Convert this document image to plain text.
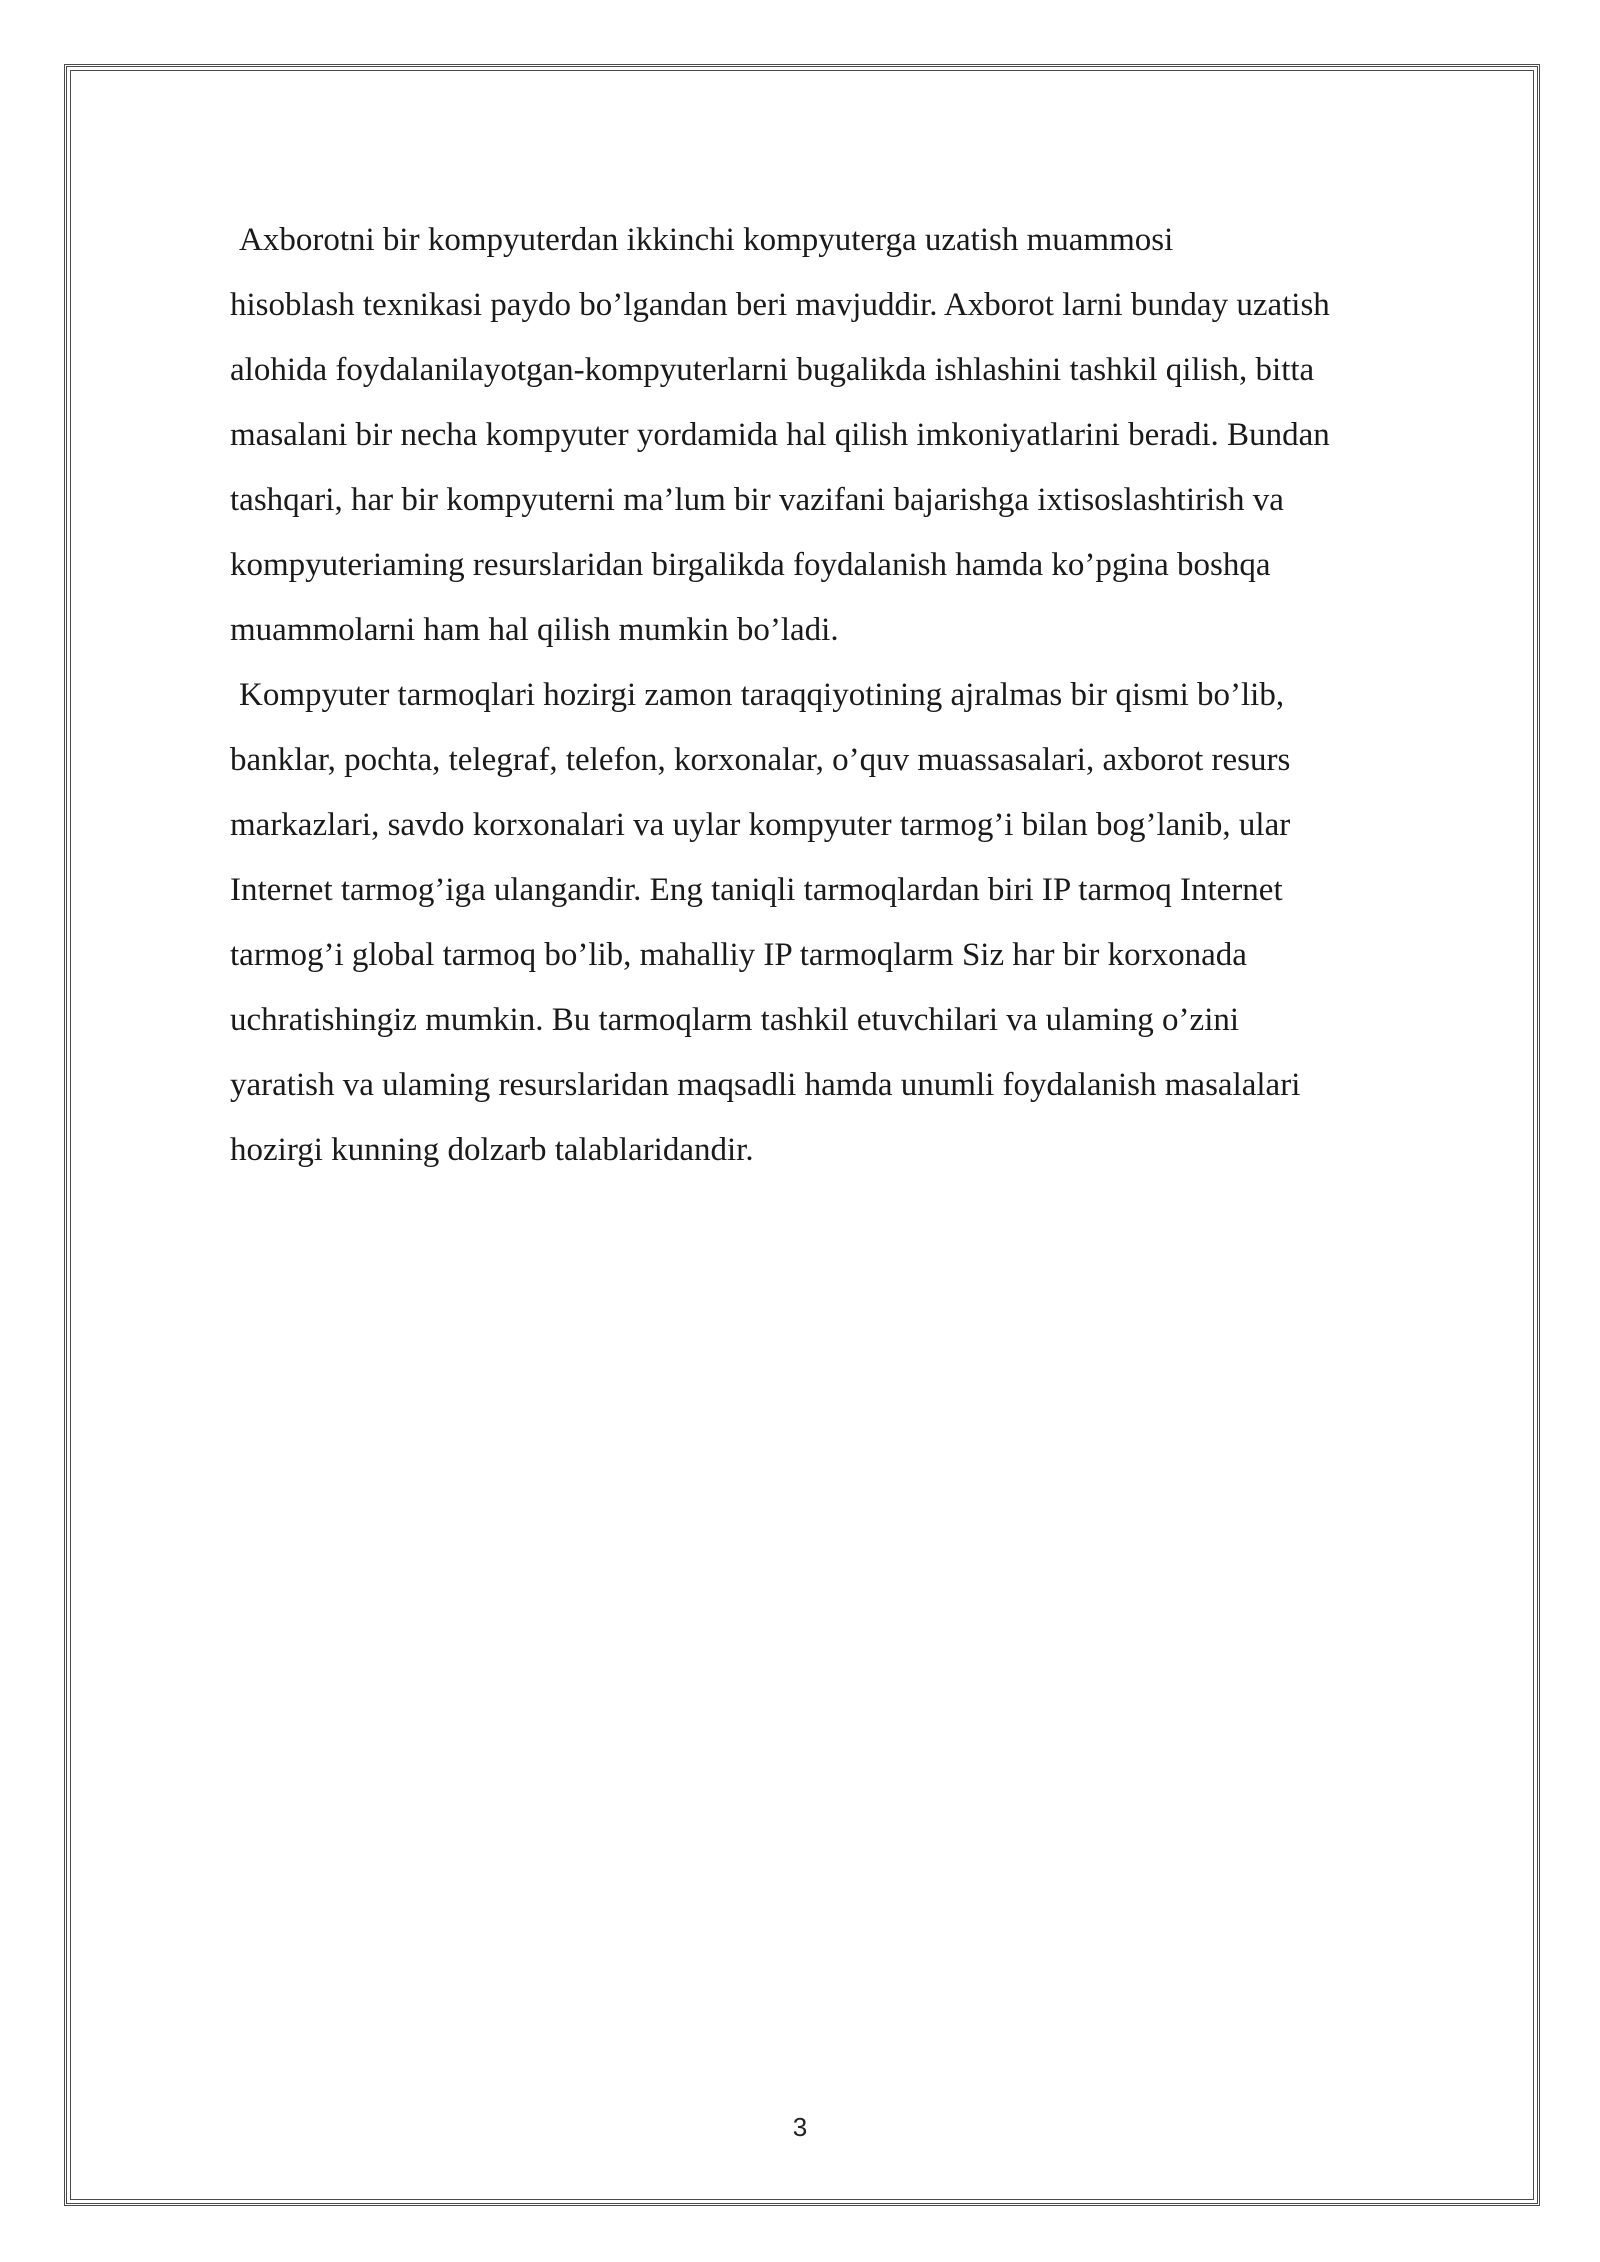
Axborotni bir kompyuterdan ikkinchi kompyuterga uzatish muammosi
hisoblash texnikasi paydo bo’lgandan beri mavjuddir. Axborot larni bunday uzatish
alohida foydalanilayotgan-kompyuterlarni bugalikda ishlashini tashkil qilish, bitta
masalani bir necha kompyuter yordamida hal qilish imkoniyatlarini beradi. Bundan
tashqari, har bir kompyuterni ma’lum bir vazifani bajarishga ixtisoslashtirish va
kompyuteriaming resurslaridan birgalikda foydalanish hamda ko’pgina boshqa
muammolarni ham hal qilish mumkin bo’ladi.

Kompyuter tarmoqlari hozirgi zamon taraqqiyotining ajralmas bir qismi bo’lib,
banklar, pochta, telegraf, telefon, korxonalar, o’quv muassasalari, axborot resurs
markazlari, savdo korxonalari va uylar kompyuter tarmog’i bilan bog’lanib, ular
Internet tarmog’iga ulangandir. Eng taniqli tarmoqlardan biri IP tarmoq Internet
tarmog’i global tarmoq bo’lib, mahalliy IP tarmoqlarm Siz har bir korxonada
uchratishingiz mumkin. Bu tarmoqlarm tashkil etuvchilari va ulaming o’zini
yaratish va ulaming resurslaridan maqsadli hamda unumli foydalanish masalalari
hozirgi kunning dolzarb talablaridandir.

3
